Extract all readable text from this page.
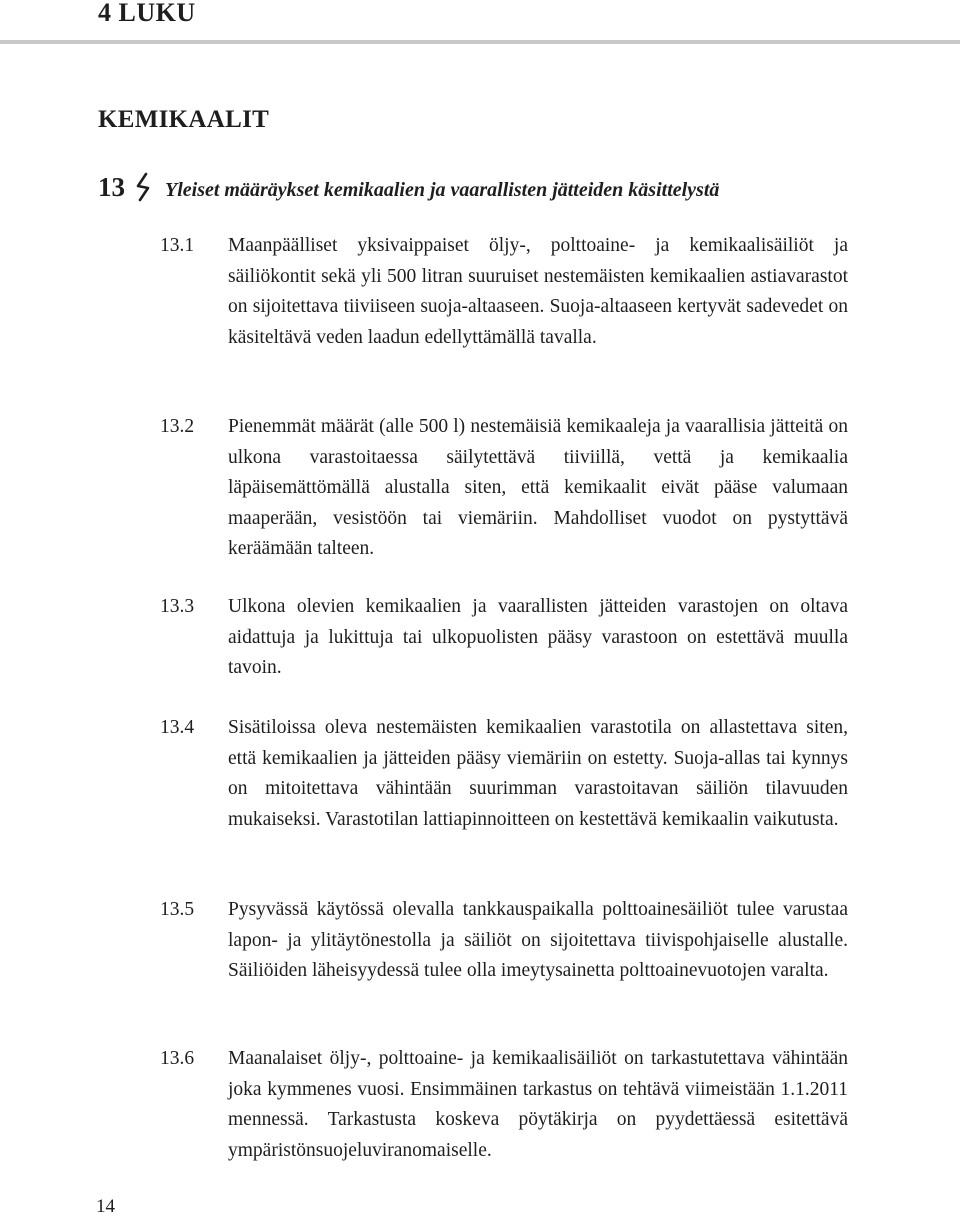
4 LUKU
KEMIKAALIT
13 Yleiset määräykset kemikaalien ja vaarallisten jätteiden käsittelystä
13.1 Maanpäälliset yksivaippaiset öljy-, polttoaine- ja kemikaalisäiliöt ja säiliökontit sekä yli 500 litran suuruiset nestemäisten kemikaalien astiavarastot on sijoitettava tiiviiseen suoja-altaaseen. Suoja-altaaseen kertyvät sadevedet on käsiteltävä veden laadun edellyttämällä tavalla.
13.2 Pienemmät määrät (alle 500 l) nestemäisiä kemikaaleja ja vaarallisia jätteitä on ulkona varastoitaessa säilytettävä tiiviillä, vettä ja kemikaalia läpäisemättömällä alustalla siten, että kemikaalit eivät pääse valumaan maaperään, vesistöön tai viemäriin. Mahdolliset vuodot on pystyttävä keräämään talteen.
13.3 Ulkona olevien kemikaalien ja vaarallisten jätteiden varastojen on oltava aidattuja ja lukittuja tai ulkopuolisten pääsy varastoon on estettävä muulla tavoin.
13.4 Sisätiloissa oleva nestemäisten kemikaalien varastotila on allastettava siten, että kemikaalien ja jätteiden pääsy viemäriin on estetty. Suoja-allas tai kynnys on mitoitettava vähintään suurimman varastoitavan säiliön tilavuuden mukaiseksi. Varastotilan lattiapinnoitteen on kestettävä kemikaalin vaikutusta.
13.5 Pysyvässä käytössä olevalla tankkauspaikalla polttoainesäiliöt tulee varustaa lapon- ja ylitäytönestolla ja säiliöt on sijoitettava tiivispohjaiselle alustalle. Säiliöiden läheisyydessä tulee olla imeytysainetta polttoainevuotojen varalta.
13.6 Maanalaiset öljy-, polttoaine- ja kemikaalisäiliöt on tarkastutettava vähintään joka kymmenes vuosi. Ensimmäinen tarkastus on tehtävä viimeistään 1.1.2011 mennessä. Tarkastusta koskeva pöytäkirja on pyydettäessä esitettävä ympäristönsuojeluviranomaiselle.
14
